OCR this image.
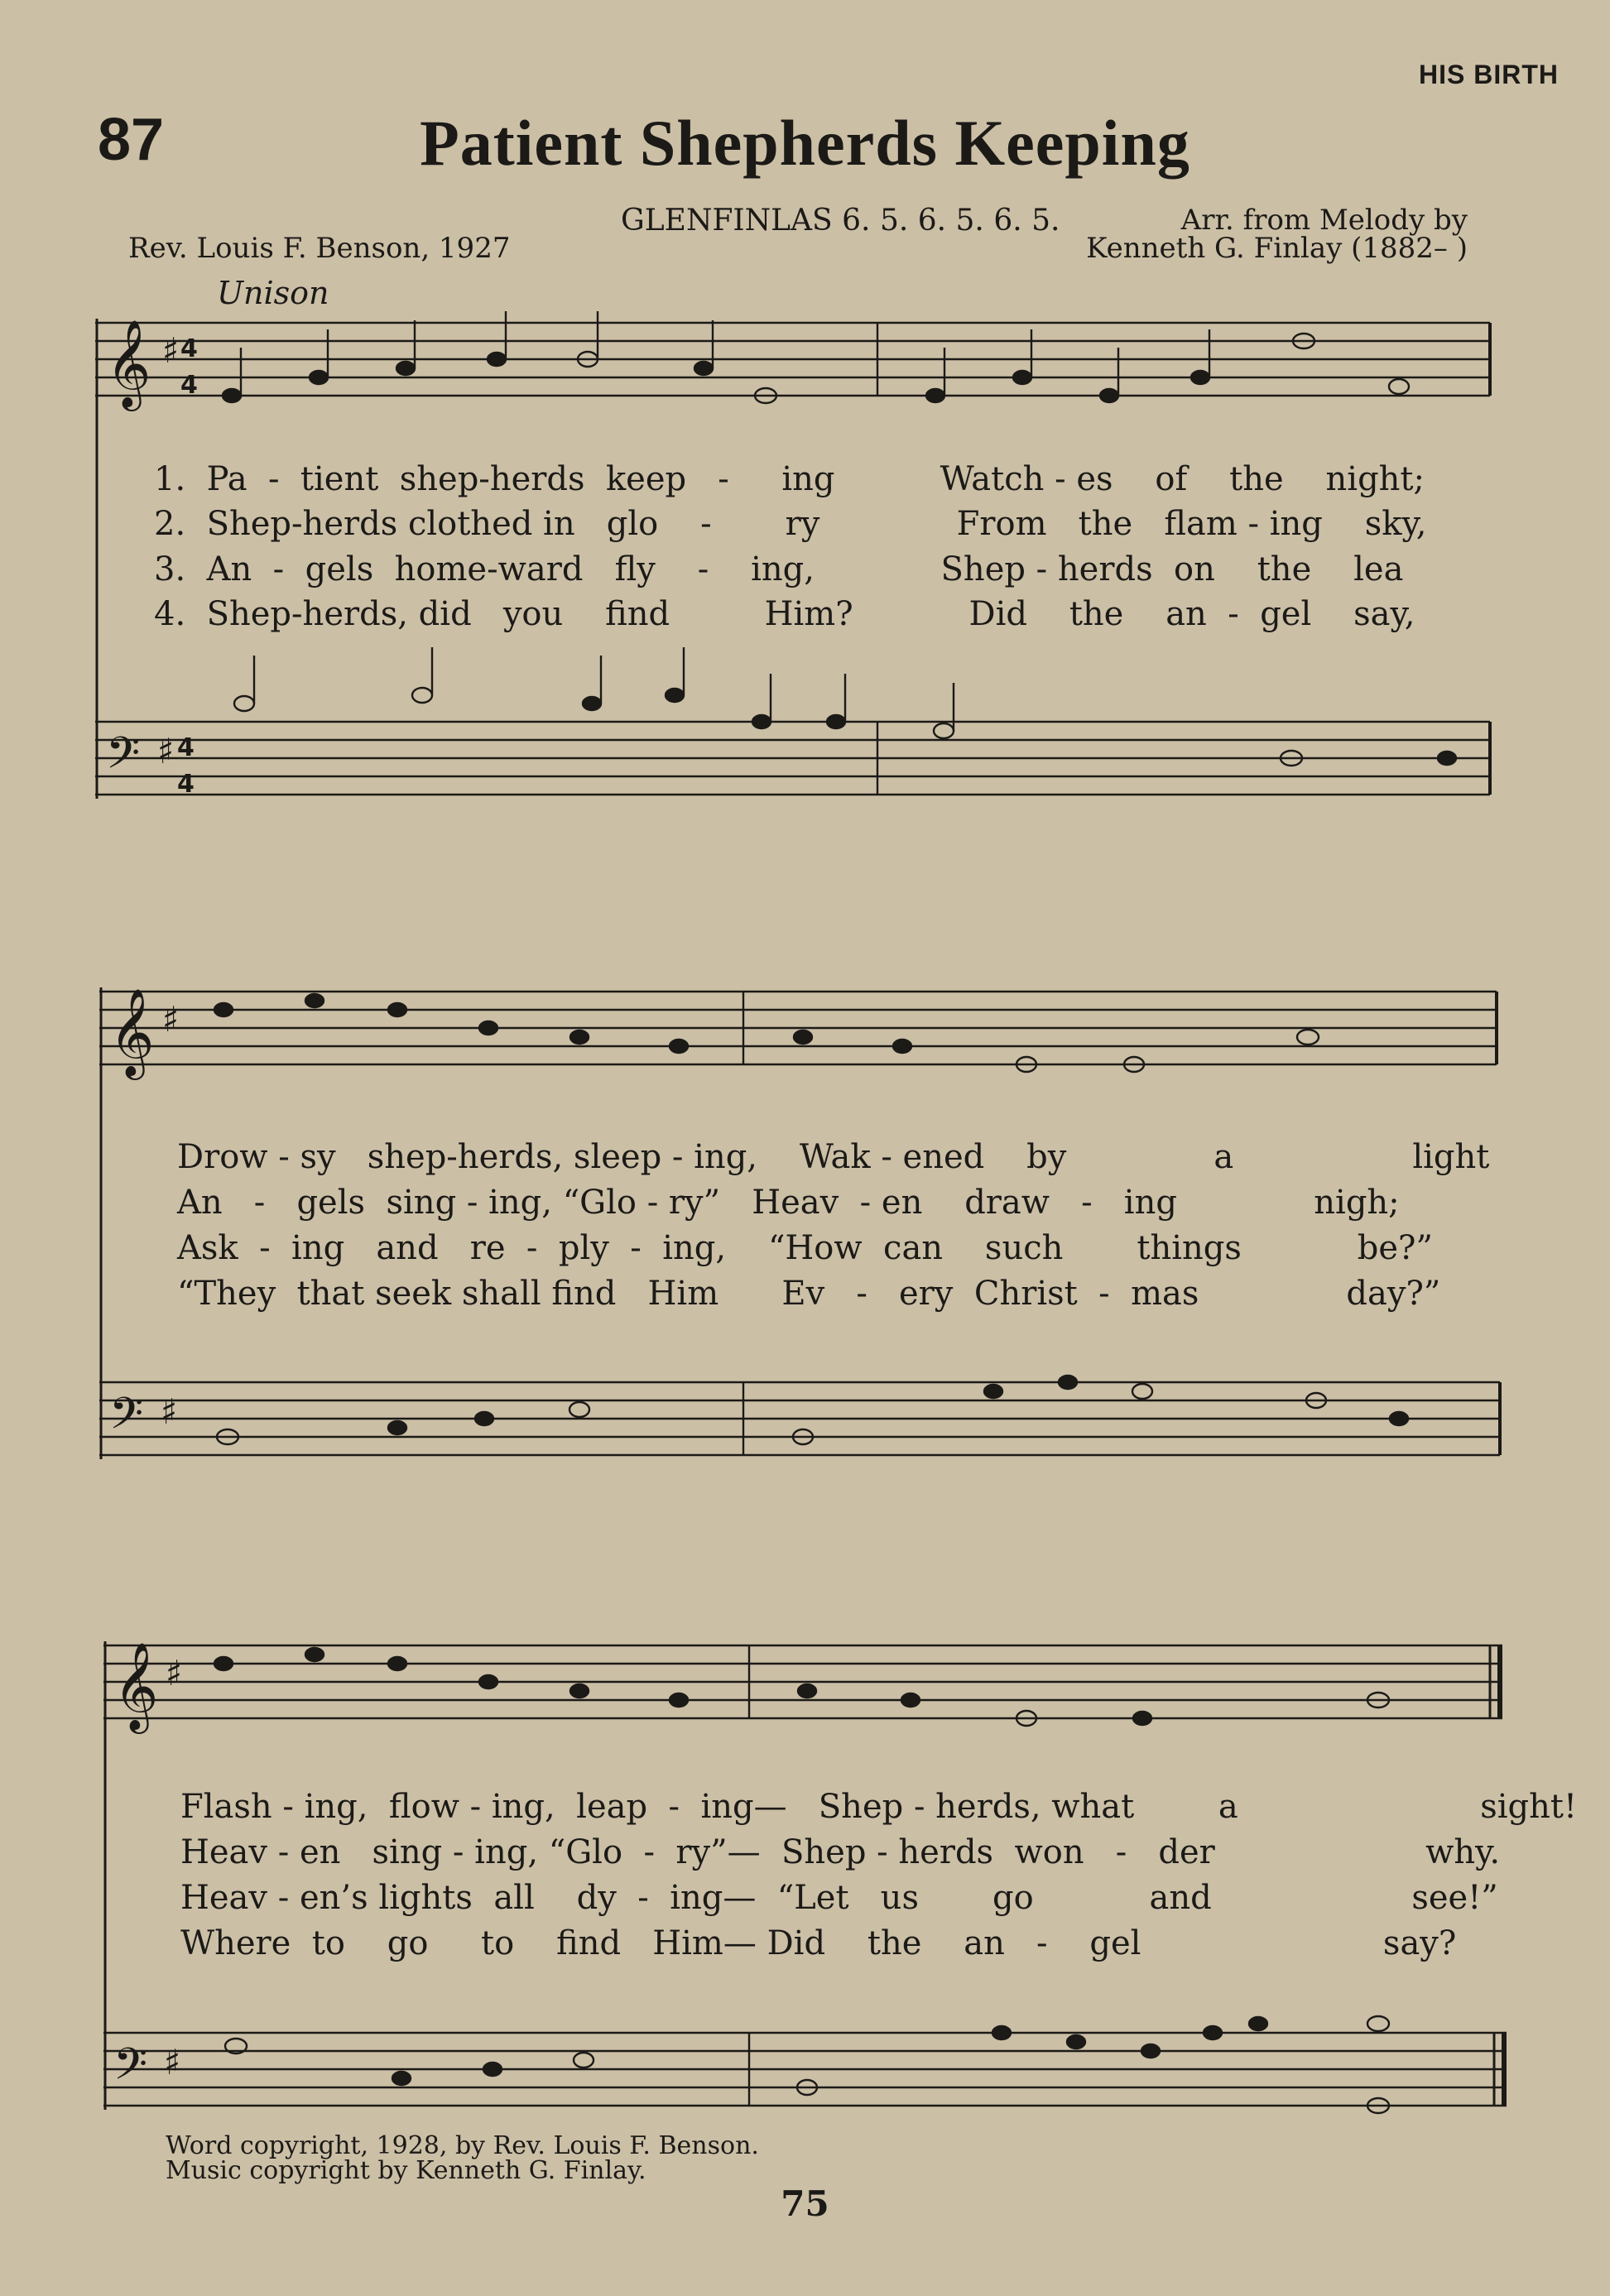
HIS BIRTH
87	Patient Shepherds Keeping
GLENFINLAS 6. 5. 6. 5. 6. 5.
Rev. Louis F. Benson, 1927
Arr. from Melody by
Kenneth G. Finlay (1882– )
Unison
𝄞 ♯ 4
4
𝄢 ♯ 4
4
𝄞 ♯
𝄢 ♯
𝄞 ♯
𝄢 ♯
1.  Pa  -  tient  shep-herds  keep   -     ing          Watch - es    of    the    night;
2.  Shep-herds clothed in   glo    -       ry             From   the   flam - ing    sky,
3.  An  -  gels  home-ward   fly    -    ing,            Shep - herds  on    the    lea
4.  Shep-herds, did   you    find         Him?           Did    the    an  -  gel    say,
Drow - sy   shep-herds, sleep - ing,    Wak - ened    by              a                 light
An   -   gels  sing - ing, “Glo - ry”   Heav  - en    draw   -   ing             nigh;
Ask  -  ing   and   re  -  ply  -  ing,    “How  can    such       things           be?”
“They  that seek shall find   Him      Ev   -   ery  Christ  -  mas              day?”
Flash - ing,  flow - ing,  leap  -  ing—   Shep - herds, what        a                       sight!
Heav - en   sing - ing, “Glo  -  ry”—  Shep - herds  won   -   der                    why.
Heav - en’s lights  all    dy  -  ing—  “Let   us       go           and                   see!”
Where  to    go     to    find   Him— Did    the    an   -    gel                       say?
Word copyright, 1928, by Rev. Louis F. Benson.
Music copyright by Kenneth G. Finlay.
75
